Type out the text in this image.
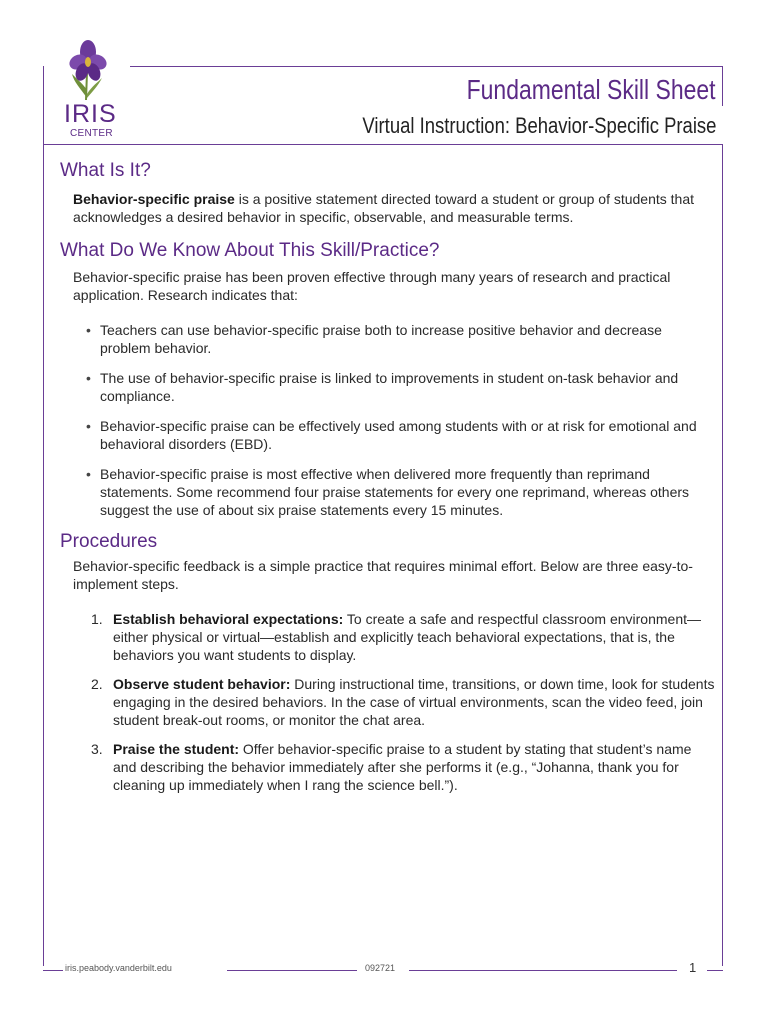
IRIS
CENTER
Fundamental Skill Sheet
Virtual Instruction: Behavior-Specific Praise
What Is It?

Behavior-specific praise is a positive statement directed toward a student or group of students that acknowledges a desired behavior in specific, observable, and measurable terms.

What Do We Know About This Skill/Practice?

Behavior-specific praise has been proven effective through many years of research and practical application. Research indicates that:

• Teachers can use behavior-specific praise both to increase positive behavior and decrease problem behavior.
• The use of behavior-specific praise is linked to improvements in student on-task behavior and compliance.
• Behavior-specific praise can be effectively used among students with or at risk for emotional and behavioral disorders (EBD).
• Behavior-specific praise is most effective when delivered more frequently than reprimand statements. Some recommend four praise statements for every one reprimand, whereas others suggest the use of about six praise statements every 15 minutes.
Procedures

Behavior-specific feedback is a simple practice that requires minimal effort. Below are three easy-to-implement steps.

1. Establish behavioral expectations: To create a safe and respectful classroom environment—either physical or virtual—establish and explicitly teach behavioral expectations, that is, the behaviors you want students to display.
2. Observe student behavior: During instructional time, transitions, or down time, look for students engaging in the desired behaviors. In the case of virtual environments, scan the video feed, join student break-out rooms, or monitor the chat area.
3. Praise the student: Offer behavior-specific praise to a student by stating that student’s name and describing the behavior immediately after she performs it (e.g., “Johanna, thank you for cleaning up immediately when I rang the science bell.”).
iris.peabody.vanderbilt.edu	092721	1
